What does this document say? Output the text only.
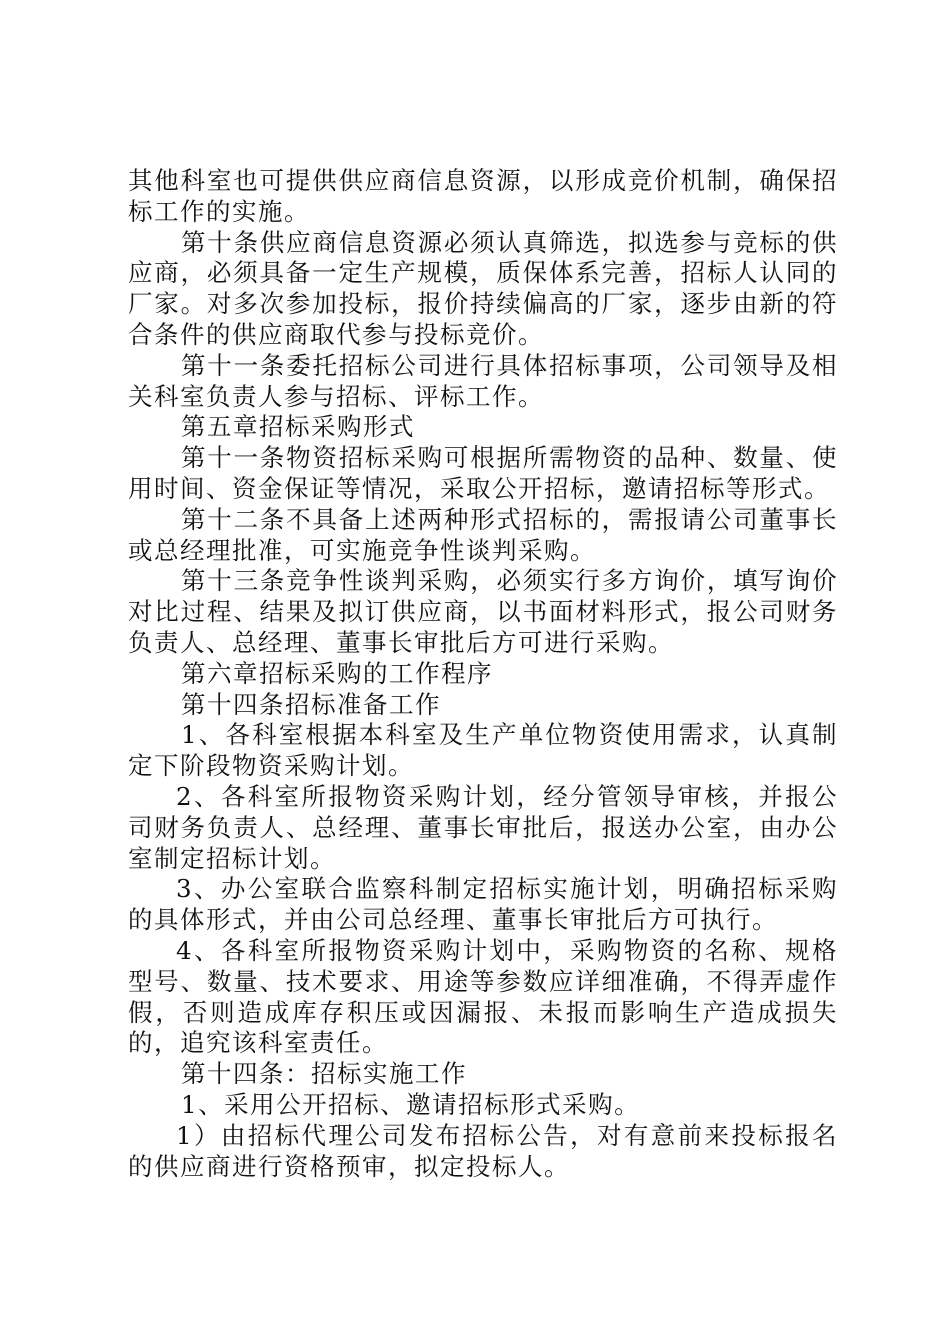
其他科室也可提供供应商信息资源，以形成竞价机制，确保招标工作的实施。

第十条供应商信息资源必须认真筛选，拟选参与竞标的供应商，必须具备一定生产规模，质保体系完善，招标人认同的厂家。对多次参加投标，报价持续偏高的厂家，逐步由新的符合条件的供应商取代参与投标竞价。

第十一条委托招标公司进行具体招标事项，公司领导及相关科室负责人参与招标、评标工作。

第五章招标采购形式

第十一条物资招标采购可根据所需物资的品种、数量、使用时间、资金保证等情况，采取公开招标，邀请招标等形式。

第十二条不具备上述两种形式招标的，需报请公司董事长或总经理批准，可实施竞争性谈判采购。

第十三条竞争性谈判采购，必须实行多方询价，填写询价对比过程、结果及拟订供应商，以书面材料形式，报公司财务负责人、总经理、董事长审批后方可进行采购。

第六章招标采购的工作程序

第十四条招标准备工作

1、各科室根据本科室及生产单位物资使用需求，认真制定下阶段物资采购计划。

2、各科室所报物资采购计划，经分管领导审核，并报公司财务负责人、总经理、董事长审批后，报送办公室，由办公室制定招标计划。

3、办公室联合监察科制定招标实施计划，明确招标采购的具体形式，并由公司总经理、董事长审批后方可执行。

4、各科室所报物资采购计划中，采购物资的名称、规格型号、数量、技术要求、用途等参数应详细准确，不得弄虚作假，否则造成库存积压或因漏报、未报而影响生产造成损失的，追究该科室责任。

第十四条：招标实施工作

1、采用公开招标、邀请招标形式采购。

1）由招标代理公司发布招标公告，对有意前来投标报名的供应商进行资格预审，拟定投标人。
